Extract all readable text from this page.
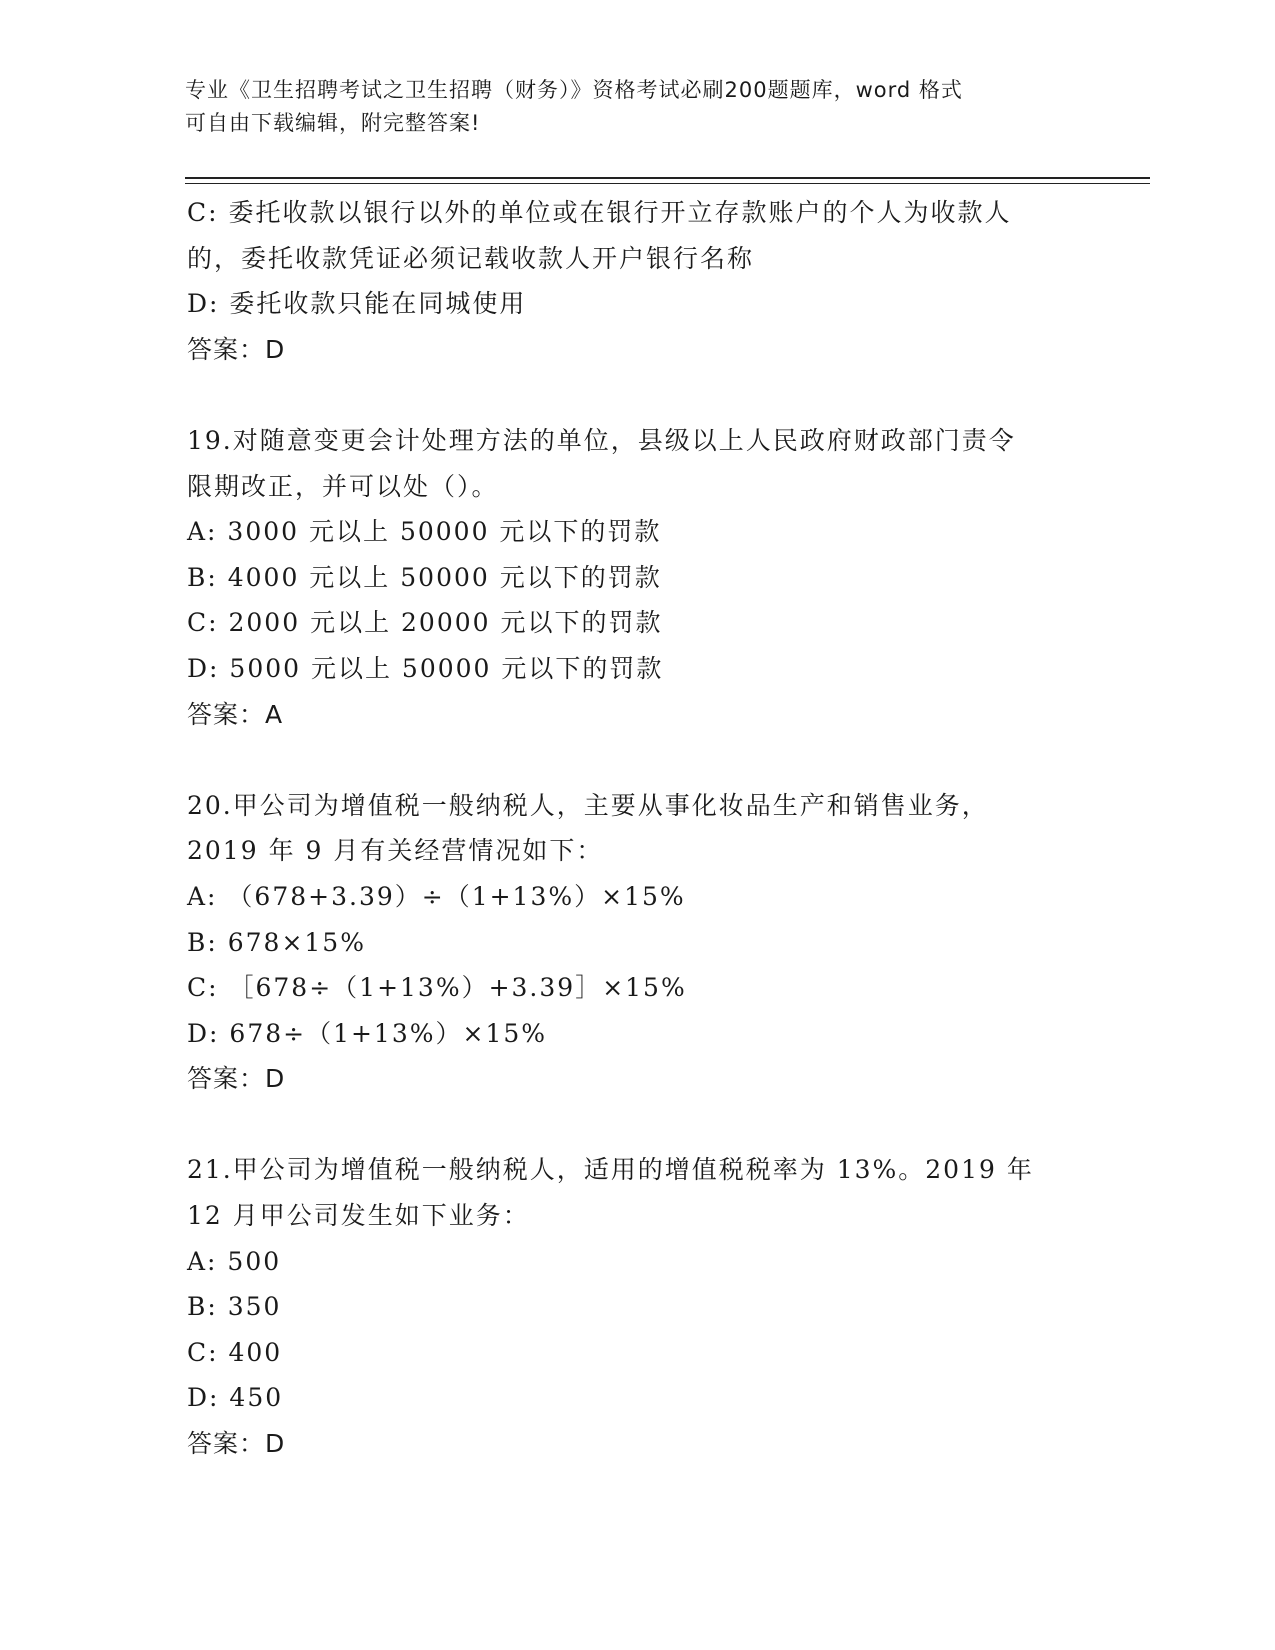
专业《卫生招聘考试之卫生招聘（财务）》资格考试必刷200题题库，word 格式
可自由下载编辑，附完整答案!
C: 委托收款以银行以外的单位或在银行开立存款账户的个人为收款人
的，委托收款凭证必须记载收款人开户银行名称
D: 委托收款只能在同城使用
答案：D
19.对随意变更会计处理方法的单位，县级以上人民政府财政部门责令
限期改正，并可以处（）。
A: 3000 元以上 50000 元以下的罚款
B: 4000 元以上 50000 元以下的罚款
C: 2000 元以上 20000 元以下的罚款
D: 5000 元以上 50000 元以下的罚款
答案：A
20.甲公司为增值税一般纳税人，主要从事化妆品生产和销售业务，
2019 年 9 月有关经营情况如下：
A: （678+3.39）÷（1+13%）×15%
B: 678×15%
C: ［678÷（1+13%）+3.39］×15%
D: 678÷（1+13%）×15%
答案：D
21.甲公司为增值税一般纳税人，适用的增值税税率为 13%。2019 年
12 月甲公司发生如下业务：
A: 500
B: 350
C: 400
D: 450
答案：D
